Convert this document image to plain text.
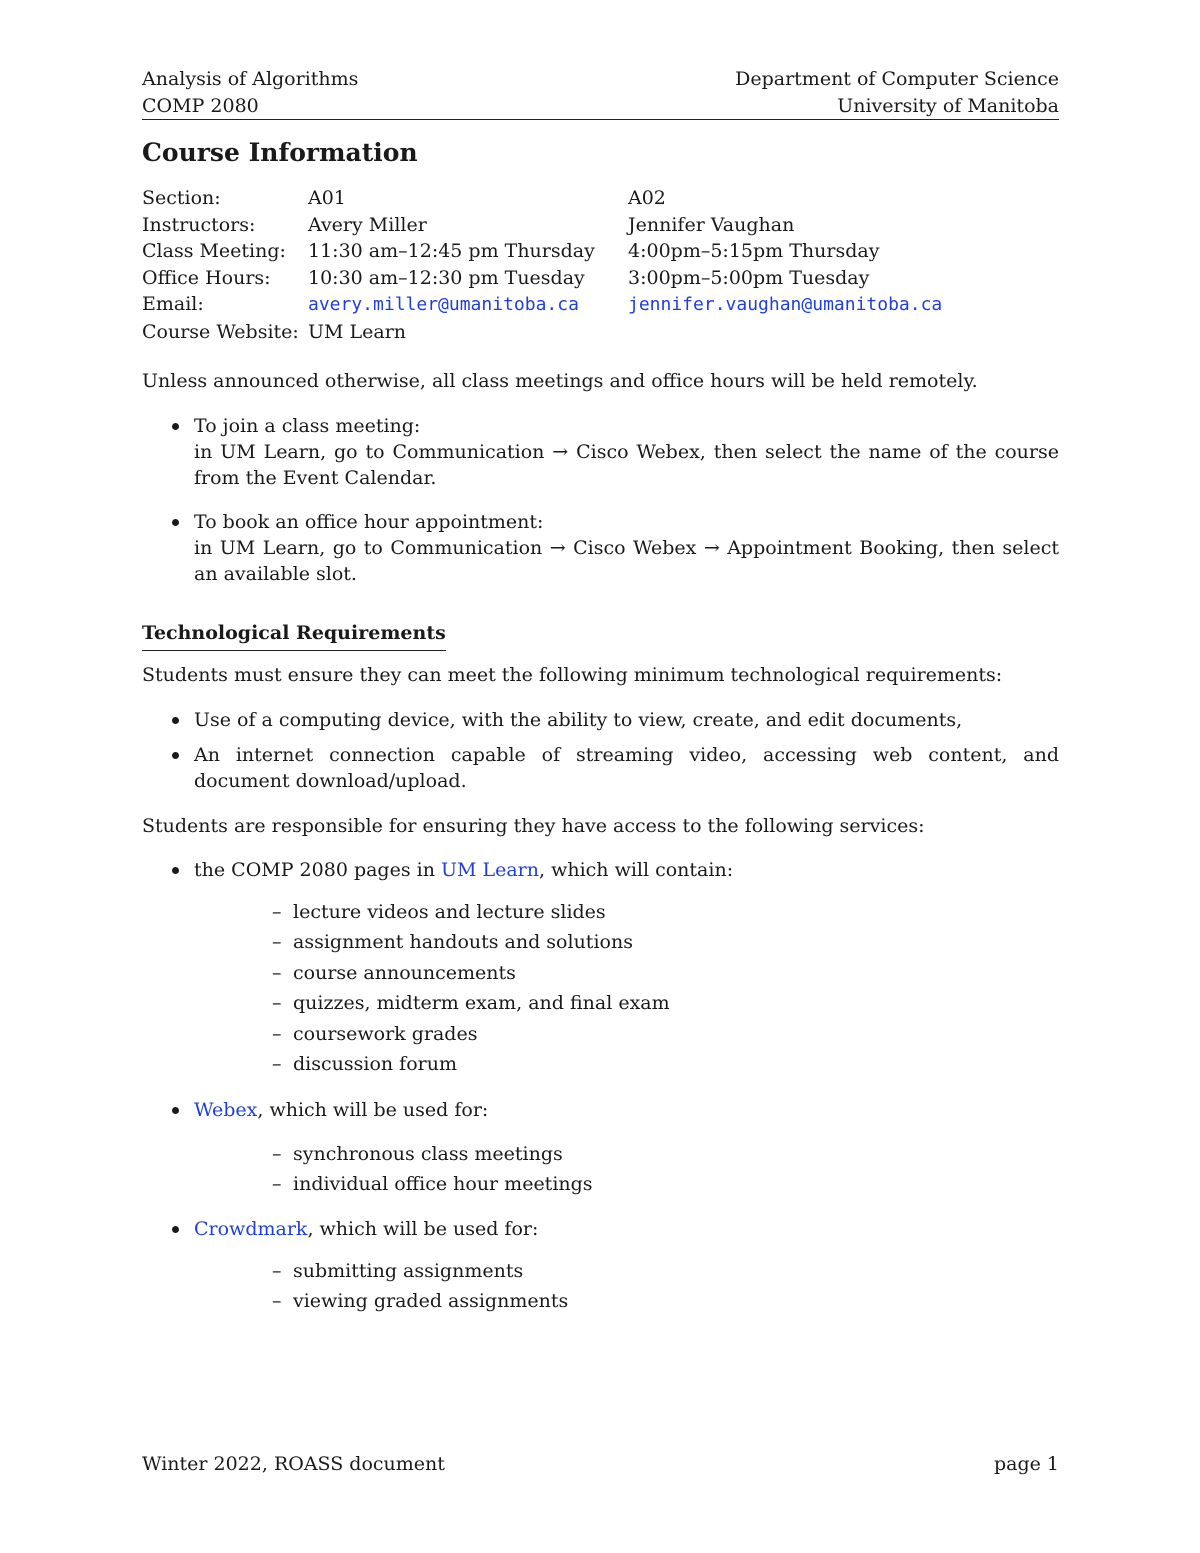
Analysis of Algorithms	Department of Computer Science
COMP 2080	University of Manitoba
Course Information
Section:	A01	A02
Instructors:	Avery Miller	Jennifer Vaughan
Class Meeting:	11:30 am–12:45 pm Thursday	4:00pm–5:15pm Thursday
Office Hours:	10:30 am–12:30 pm Tuesday	3:00pm–5:00pm Tuesday
Email:	avery.miller@umanitoba.ca	jennifer.vaughan@umanitoba.ca
Course Website: UM Learn

Unless announced otherwise, all class meetings and office hours will be held remotely.

To join a class meeting:
in UM Learn, go to Communication → Cisco Webex, then select the name of the course from the Event Calendar.
To book an office hour appointment:
in UM Learn, go to Communication → Cisco Webex → Appointment Booking, then select an available slot.
Technological Requirements

Students must ensure they can meet the following minimum technological requirements:

Use of a computing device, with the ability to view, create, and edit documents,
An internet connection capable of streaming video, accessing web content, and document download/upload.

Students are responsible for ensuring they have access to the following services:

the COMP 2080 pages in UM Learn, which will contain:
– lecture videos and lecture slides
– assignment handouts and solutions
– course announcements
– quizzes, midterm exam, and final exam
– coursework grades
– discussion forum
Webex, which will be used for:
– synchronous class meetings
– individual office hour meetings
Crowdmark, which will be used for:
– submitting assignments
– viewing graded assignments
Winter 2022, ROASS document	page 1
